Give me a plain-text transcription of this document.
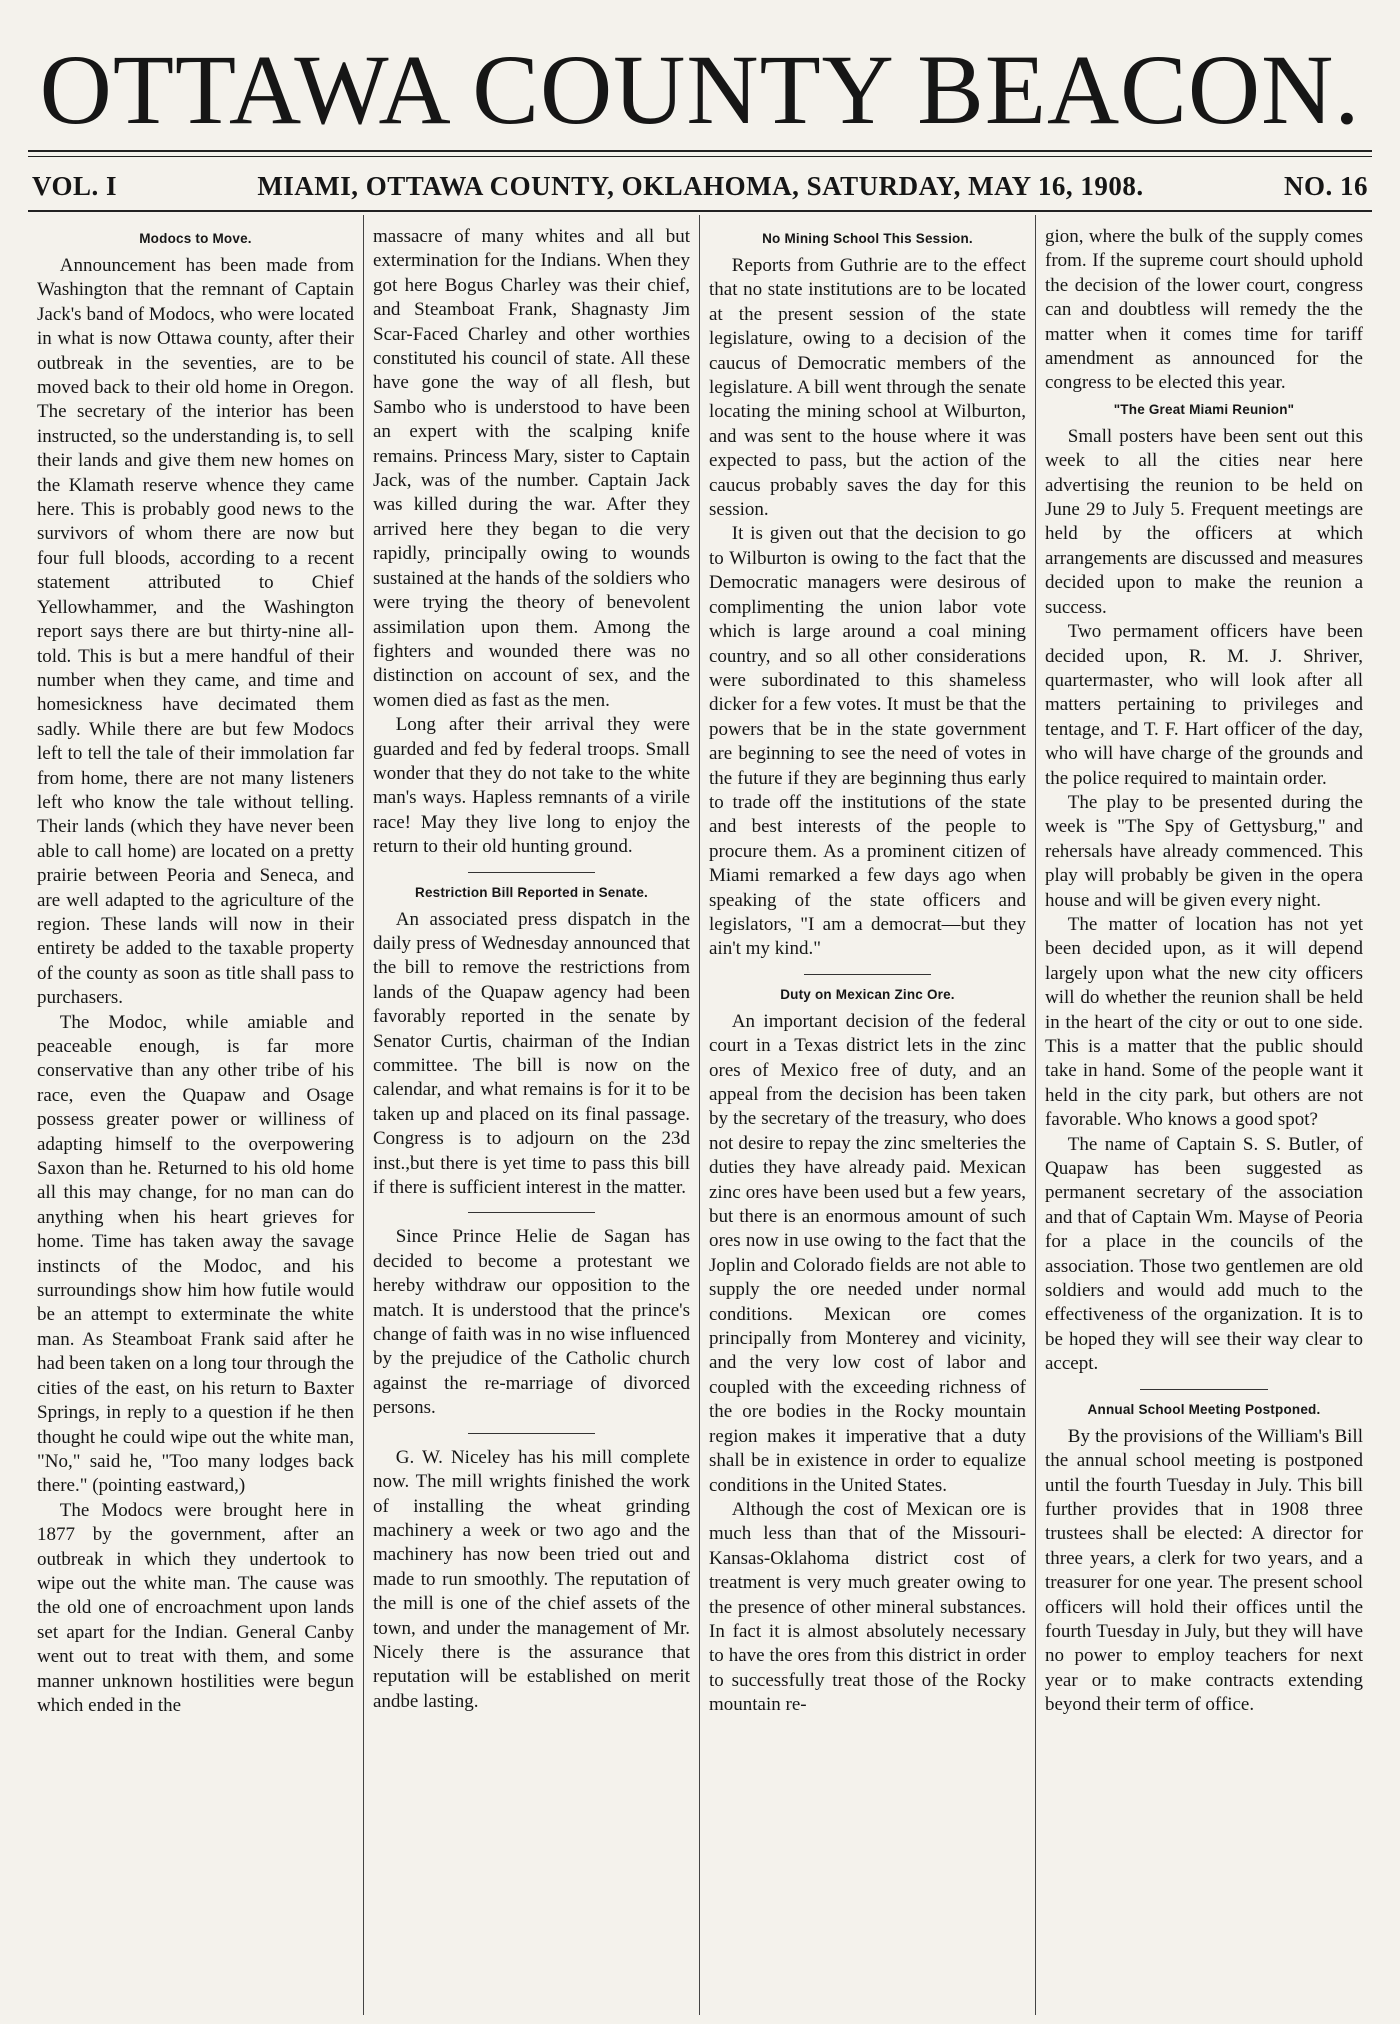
OTTAWA COUNTY BEACON.
VOL. I	MIAMI, OTTAWA COUNTY, OKLAHOMA, SATURDAY, MAY 16, 1908.	NO. 16
Modocs to Move.

Announcement has been made from Washington that the remnant of Captain Jack's band of Modocs, who were located in what is now Ottawa county, after their outbreak in the seventies, are to be moved back to their old home in Oregon. The secretary of the interior has been instructed, so the understanding is, to sell their lands and give them new homes on the Klamath reserve whence they came here. This is probably good news to the survivors of whom there are now but four full bloods, according to a recent statement attributed to Chief Yellowhammer, and the Washington report says there are but thirty-nine all-told. This is but a mere handful of their number when they came, and time and homesickness have decimated them sadly. While there are but few Modocs left to tell the tale of their immolation far from home, there are not many listeners left who know the tale without telling. Their lands (which they have never been able to call home) are located on a pretty prairie between Peoria and Seneca, and are well adapted to the agriculture of the region. These lands will now in their entirety be added to the taxable property of the county as soon as title shall pass to purchasers.

The Modoc, while amiable and peaceable enough, is far more conservative than any other tribe of his race, even the Quapaw and Osage possess greater power or williness of adapting himself to the overpowering Saxon than he. Returned to his old home all this may change, for no man can do anything when his heart grieves for home. Time has taken away the savage instincts of the Modoc, and his surroundings show him how futile would be an attempt to exterminate the white man. As Steamboat Frank said after he had been taken on a long tour through the cities of the east, on his return to Baxter Springs, in reply to a question if he then thought he could wipe out the white man, "No," said he, "Too many lodges back there." (pointing eastward,)

The Modocs were brought here in 1877 by the government, after an outbreak in which they undertook to wipe out the white man. The cause was the old one of encroachment upon lands set apart for the Indian. General Canby went out to treat with them, and some manner unknown hostilities were begun which ended in the

massacre of many whites and all but extermination for the Indians. When they got here Bogus Charley was their chief, and Steamboat Frank, Shagnasty Jim Scar-Faced Charley and other worthies constituted his council of state. All these have gone the way of all flesh, but Sambo who is understood to have been an expert with the scalping knife remains. Princess Mary, sister to Captain Jack, was of the number. Captain Jack was killed during the war. After they arrived here they began to die very rapidly, principally owing to wounds sustained at the hands of the soldiers who were trying the theory of benevolent assimilation upon them. Among the fighters and wounded there was no distinction on account of sex, and the women died as fast as the men.

Long after their arrival they were guarded and fed by federal troops. Small wonder that they do not take to the white man's ways. Hapless remnants of a virile race! May they live long to enjoy the return to their old hunting ground.

Restriction Bill Reported in Senate.

An associated press dispatch in the daily press of Wednesday announced that the bill to remove the restrictions from lands of the Quapaw agency had been favorably reported in the senate by Senator Curtis, chairman of the Indian committee. The bill is now on the calendar, and what remains is for it to be taken up and placed on its final passage. Congress is to adjourn on the 23d inst.,but there is yet time to pass this bill if there is sufficient interest in the matter.

Since Prince Helie de Sagan has decided to become a protestant we hereby withdraw our opposition to the match. It is understood that the prince's change of faith was in no wise influenced by the prejudice of the Catholic church against the re-marriage of divorced persons.

G. W. Niceley has his mill complete now. The mill wrights finished the work of installing the wheat grinding machinery a week or two ago and the machinery has now been tried out and made to run smoothly. The reputation of the mill is one of the chief assets of the town, and under the management of Mr. Nicely there is the assurance that reputation will be established on merit andbe lasting.

No Mining School This Session.

Reports from Guthrie are to the effect that no state institutions are to be located at the present session of the state legislature, owing to a decision of the caucus of Democratic members of the legislature. A bill went through the senate locating the mining school at Wilburton, and was sent to the house where it was expected to pass, but the action of the caucus probably saves the day for this session.

It is given out that the decision to go to Wilburton is owing to the fact that the Democratic managers were desirous of complimenting the union labor vote which is large around a coal mining country, and so all other considerations were subordinated to this shameless dicker for a few votes. It must be that the powers that be in the state government are beginning to see the need of votes in the future if they are beginning thus early to trade off the institutions of the state and best interests of the people to procure them. As a prominent citizen of Miami remarked a few days ago when speaking of the state officers and legislators, "I am a democrat—but they ain't my kind."

Duty on Mexican Zinc Ore.

An important decision of the federal court in a Texas district lets in the zinc ores of Mexico free of duty, and an appeal from the decision has been taken by the secretary of the treasury, who does not desire to repay the zinc smelteries the duties they have already paid. Mexican zinc ores have been used but a few years, but there is an enormous amount of such ores now in use owing to the fact that the Joplin and Colorado fields are not able to supply the ore needed under normal conditions. Mexican ore comes principally from Monterey and vicinity, and the very low cost of labor and coupled with the exceeding richness of the ore bodies in the Rocky mountain region makes it imperative that a duty shall be in existence in order to equalize conditions in the United States.

Although the cost of Mexican ore is much less than that of the Missouri-Kansas-Oklahoma district cost of treatment is very much greater owing to the presence of other mineral substances. In fact it is almost absolutely necessary to have the ores from this district in order to successfully treat those of the Rocky mountain re-

gion, where the bulk of the supply comes from. If the supreme court should uphold the decision of the lower court, congress can and doubtless will remedy the the matter when it comes time for tariff amendment as announced for the congress to be elected this year.

"The Great Miami Reunion"

Small posters have been sent out this week to all the cities near here advertising the reunion to be held on June 29 to July 5. Frequent meetings are held by the officers at which arrangements are discussed and measures decided upon to make the reunion a success.

Two permament officers have been decided upon, R. M. J. Shriver, quartermaster, who will look after all matters pertaining to privileges and tentage, and T. F. Hart officer of the day, who will have charge of the grounds and the police required to maintain order.

The play to be presented during the week is "The Spy of Gettysburg," and rehersals have already commenced. This play will probably be given in the opera house and will be given every night.

The matter of location has not yet been decided upon, as it will depend largely upon what the new city officers will do whether the reunion shall be held in the heart of the city or out to one side. This is a matter that the public should take in hand. Some of the people want it held in the city park, but others are not favorable. Who knows a good spot?

The name of Captain S. S. Butler, of Quapaw has been suggested as permanent secretary of the association and that of Captain Wm. Mayse of Peoria for a place in the councils of the association. Those two gentlemen are old soldiers and would add much to the effectiveness of the organization. It is to be hoped they will see their way clear to accept.

Annual School Meeting Postponed.

By the provisions of the William's Bill the annual school meeting is postponed until the fourth Tuesday in July. This bill further provides that in 1908 three trustees shall be elected: A director for three years, a clerk for two years, and a treasurer for one year. The present school officers will hold their offices until the fourth Tuesday in July, but they will have no power to employ teachers for next year or to make contracts extending beyond their term of office.
